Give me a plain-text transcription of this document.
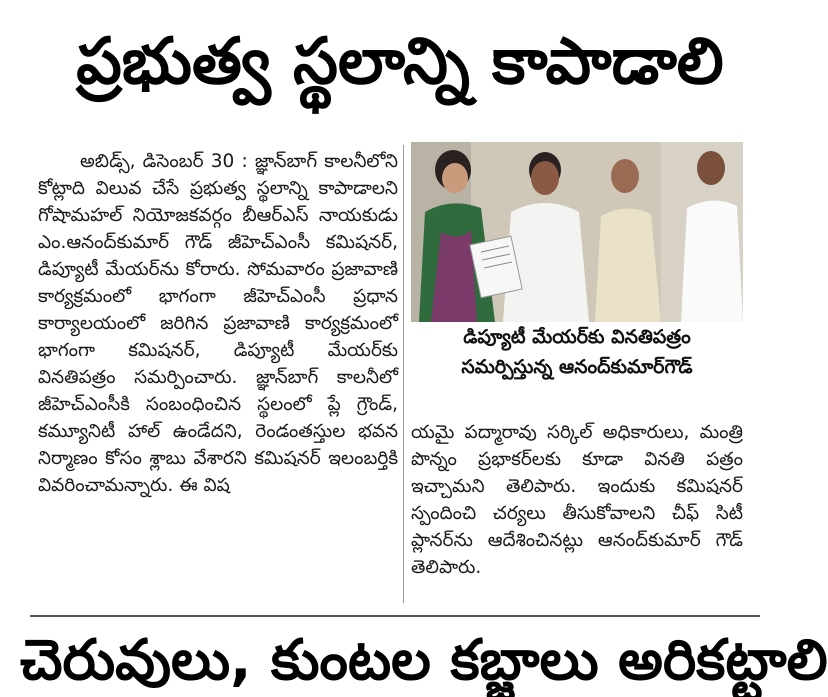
ప్రభుత్వ స్థలాన్ని కాపాడాలి

అబిడ్స్, డిసెంబర్ 30 : జ్ఞాన్‌బాగ్ కాలనీలోని కోట్లాది విలువ చేసే ప్రభుత్వ స్థలాన్ని కాపాడాలని గోషామహల్ నియోజకవర్గం బీఆర్ఎస్ నాయకుడు ఎం.ఆనంద్‌కుమార్ గౌడ్ జీహెచ్ఎంసీ కమిషనర్, డిప్యూటీ మేయర్‌ను కోరారు. సోమవారం ప్రజావాణి కార్యక్రమంలో భాగంగా జీహెచ్ఎంసీ ప్రధాన కార్యాలయంలో జరిగిన ప్రజావాణి కార్యక్రమంలో భాగంగా కమిషనర్, డిప్యూటీ మేయర్‌కు వినతిపత్రం సమర్పించారు. జ్ఞాన్‌బాగ్ కాలనీలో జీహెచ్ఎంసీకి సంబంధించిన స్థలంలో ప్లే గ్రౌండ్, కమ్యూనిటీ హాల్ ఉండేదని, రెండంతస్తుల భవన నిర్మాణం కోసం శ్లాబు వేశారని కమిషనర్ ఇలంబర్తికి వివరించామన్నారు. ఈ విష

డిప్యూటీ మేయర్‌కు వినతిపత్రం
సమర్పిస్తున్న ఆనంద్‌కుమార్‌గౌడ్

యమై పద్మారావు సర్కిల్ అధికారులు, మంత్రి పొన్నం ప్రభాకర్‌లకు కూడా వినతి పత్రం ఇచ్చామని తెలిపారు. ఇందుకు కమిషనర్ స్పందించి చర్యలు తీసుకోవాలని చీఫ్ సిటీ ప్లానర్‌ను ఆదేశించినట్లు ఆనంద్‌కుమార్ గౌడ్ తెలిపారు.

చెరువులు, కుంటల కబ్జాలు అరికట్టాలి
